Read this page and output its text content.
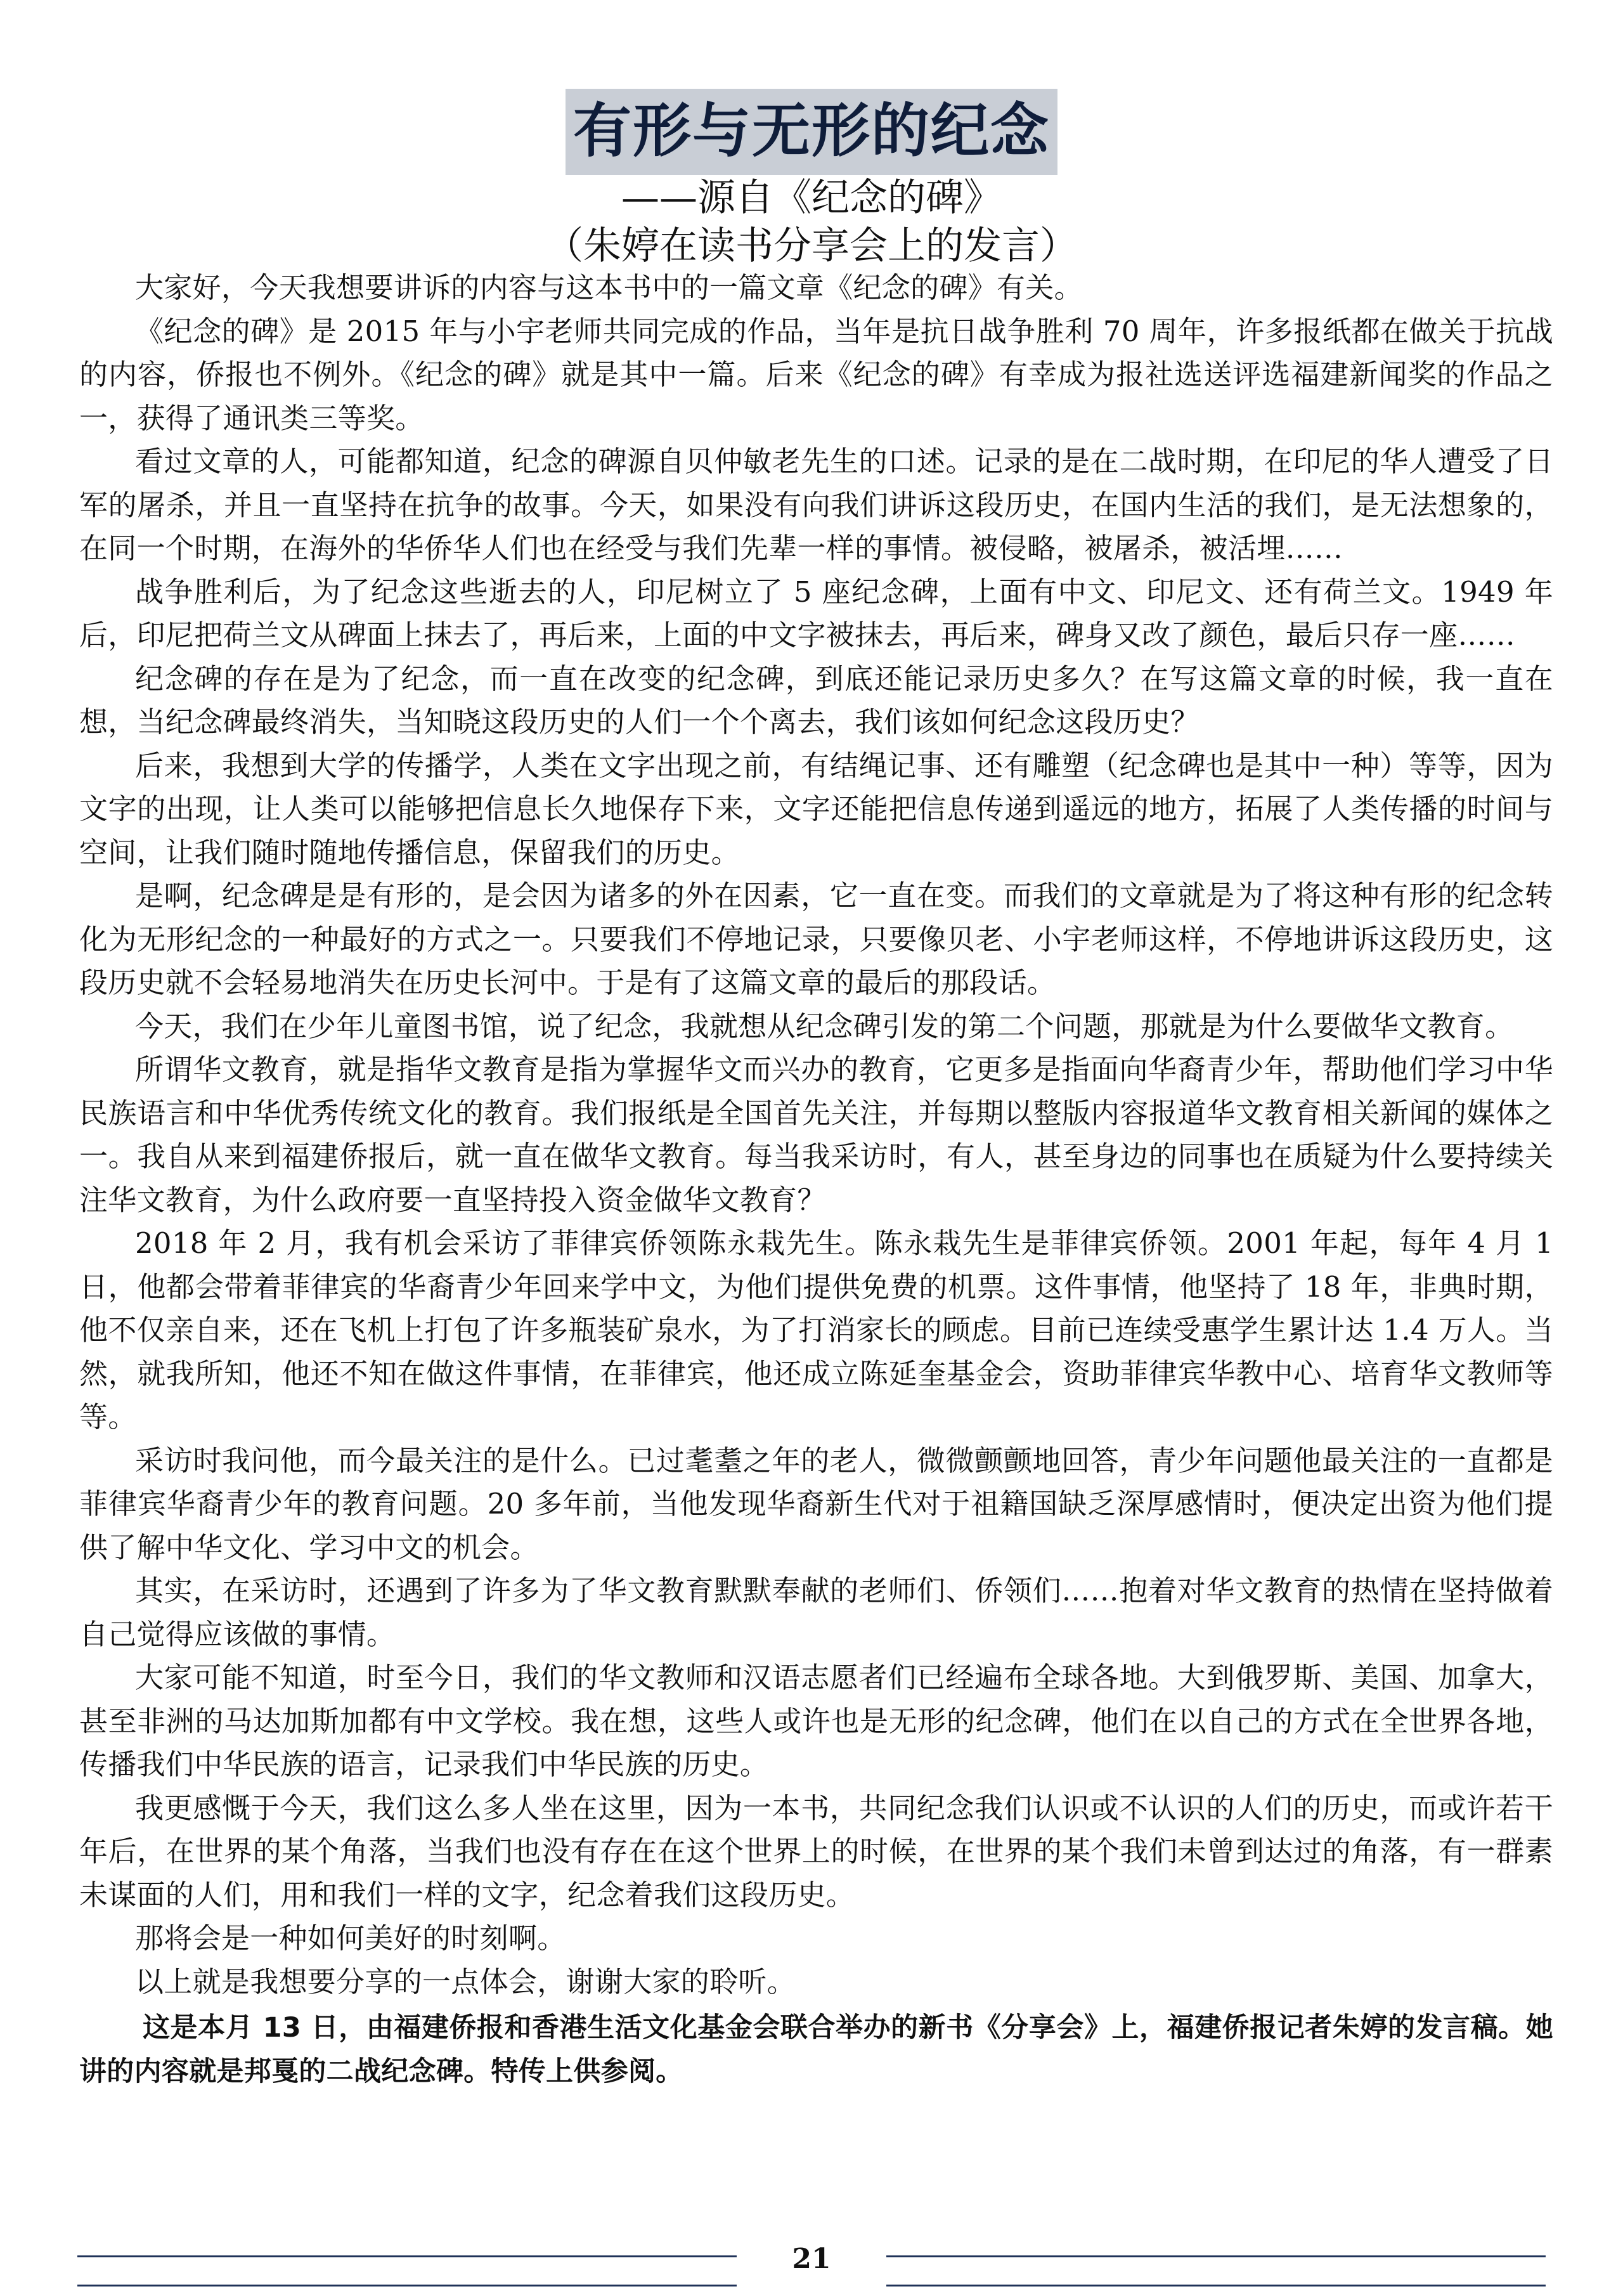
有形与无形的纪念
——源自《纪念的碑》
（朱婷在读书分享会上的发言）

大家好，今天我想要讲诉的内容与这本书中的一篇文章《纪念的碑》有关。

《纪念的碑》是 2015 年与小宇老师共同完成的作品，当年是抗日战争胜利 70 周年，许多报纸都在做关于抗战的内容，侨报也不例外。《纪念的碑》就是其中一篇。后来《纪念的碑》有幸成为报社选送评选福建新闻奖的作品之一，获得了通讯类三等奖。

看过文章的人，可能都知道，纪念的碑源自贝仲敏老先生的口述。记录的是在二战时期，在印尼的华人遭受了日军的屠杀，并且一直坚持在抗争的故事。今天，如果没有向我们讲诉这段历史，在国内生活的我们，是无法想象的，在同一个时期，在海外的华侨华人们也在经受与我们先辈一样的事情。被侵略，被屠杀，被活埋……

战争胜利后，为了纪念这些逝去的人，印尼树立了 5 座纪念碑，上面有中文、印尼文、还有荷兰文。1949 年后，印尼把荷兰文从碑面上抹去了，再后来，上面的中文字被抹去，再后来，碑身又改了颜色，最后只存一座……

纪念碑的存在是为了纪念，而一直在改变的纪念碑，到底还能记录历史多久？在写这篇文章的时候，我一直在想，当纪念碑最终消失，当知晓这段历史的人们一个个离去，我们该如何纪念这段历史？

后来，我想到大学的传播学，人类在文字出现之前，有结绳记事、还有雕塑（纪念碑也是其中一种）等等，因为文字的出现，让人类可以能够把信息长久地保存下来，文字还能把信息传递到遥远的地方，拓展了人类传播的时间与空间，让我们随时随地传播信息，保留我们的历史。

是啊，纪念碑是是有形的，是会因为诸多的外在因素，它一直在变。而我们的文章就是为了将这种有形的纪念转化为无形纪念的一种最好的方式之一。只要我们不停地记录，只要像贝老、小宇老师这样，不停地讲诉这段历史，这段历史就不会轻易地消失在历史长河中。于是有了这篇文章的最后的那段话。

今天，我们在少年儿童图书馆，说了纪念，我就想从纪念碑引发的第二个问题，那就是为什么要做华文教育。

所谓华文教育，就是指华文教育是指为掌握华文而兴办的教育，它更多是指面向华裔青少年，帮助他们学习中华民族语言和中华优秀传统文化的教育。我们报纸是全国首先关注，并每期以整版内容报道华文教育相关新闻的媒体之一。我自从来到福建侨报后，就一直在做华文教育。每当我采访时，有人，甚至身边的同事也在质疑为什么要持续关注华文教育，为什么政府要一直坚持投入资金做华文教育？

2018 年 2 月，我有机会采访了菲律宾侨领陈永栽先生。陈永栽先生是菲律宾侨领。2001 年起，每年 4 月 1 日，他都会带着菲律宾的华裔青少年回来学中文，为他们提供免费的机票。这件事情，他坚持了 18 年，非典时期，他不仅亲自来，还在飞机上打包了许多瓶装矿泉水，为了打消家长的顾虑。目前已连续受惠学生累计达 1.4 万人。当然，就我所知，他还不知在做这件事情，在菲律宾，他还成立陈延奎基金会，资助菲律宾华教中心、培育华文教师等等。

采访时我问他，而今最关注的是什么。已过耄耋之年的老人，微微颤颤地回答，青少年问题他最关注的一直都是菲律宾华裔青少年的教育问题。20 多年前，当他发现华裔新生代对于祖籍国缺乏深厚感情时，便决定出资为他们提供了解中华文化、学习中文的机会。

其实，在采访时，还遇到了许多为了华文教育默默奉献的老师们、侨领们……抱着对华文教育的热情在坚持做着自己觉得应该做的事情。

大家可能不知道，时至今日，我们的华文教师和汉语志愿者们已经遍布全球各地。大到俄罗斯、美国、加拿大，甚至非洲的马达加斯加都有中文学校。我在想，这些人或许也是无形的纪念碑，他们在以自己的方式在全世界各地，传播我们中华民族的语言，记录我们中华民族的历史。

我更感慨于今天，我们这么多人坐在这里，因为一本书，共同纪念我们认识或不认识的人们的历史，而或许若干年后，在世界的某个角落，当我们也没有存在在这个世界上的时候，在世界的某个我们未曾到达过的角落，有一群素未谋面的人们，用和我们一样的文字，纪念着我们这段历史。

那将会是一种如何美好的时刻啊。

以上就是我想要分享的一点体会，谢谢大家的聆听。

这是本月 13 日，由福建侨报和香港生活文化基金会联合举办的新书《分享会》上，福建侨报记者朱婷的发言稿。她讲的内容就是邦戛的二战纪念碑。特传上供参阅。

21
